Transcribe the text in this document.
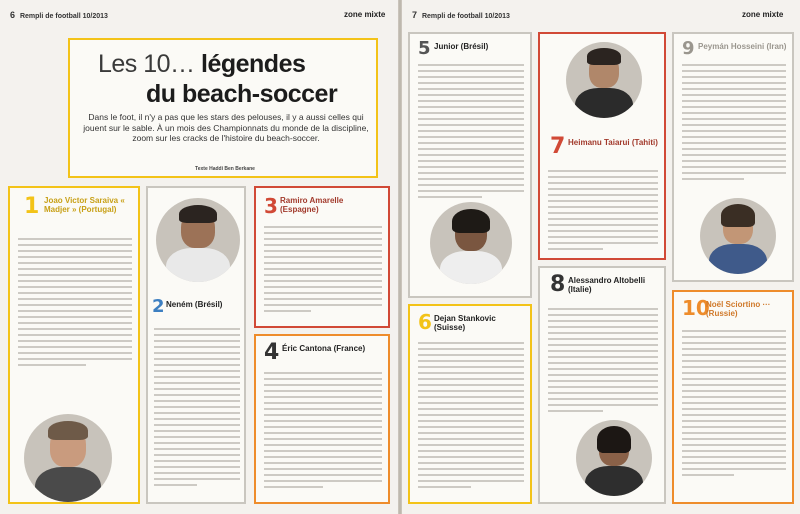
6 Rempli de football 10/2013	zone mixte
Les 10… légendes
du beach-soccer
Dans le foot, il n'y a pas que les stars des pelouses, il y a aussi celles qui jouent sur le sable. À un mois des Championnats du monde de la discipline, zoom sur les cracks de l'histoire du beach-soccer.
Texte Haddi Ben Berkane
1 Joao Victor Saraiva « Madjer » (Portugal)
2 Neném (Brésil)
3 Ramiro Amarelle (Espagne)
4 Éric Cantona (France)
7 Rempli de football 10/2013	zone mixte
5 Junior (Brésil)
6 Dejan Stankovic (Suisse)
7 Heimanu Taiarui (Tahiti)
8 Alessandro Altobelli (Italie)
9 Peymán Hosseini (Iran)
10
Noël Sciortino ··· (Russie)
